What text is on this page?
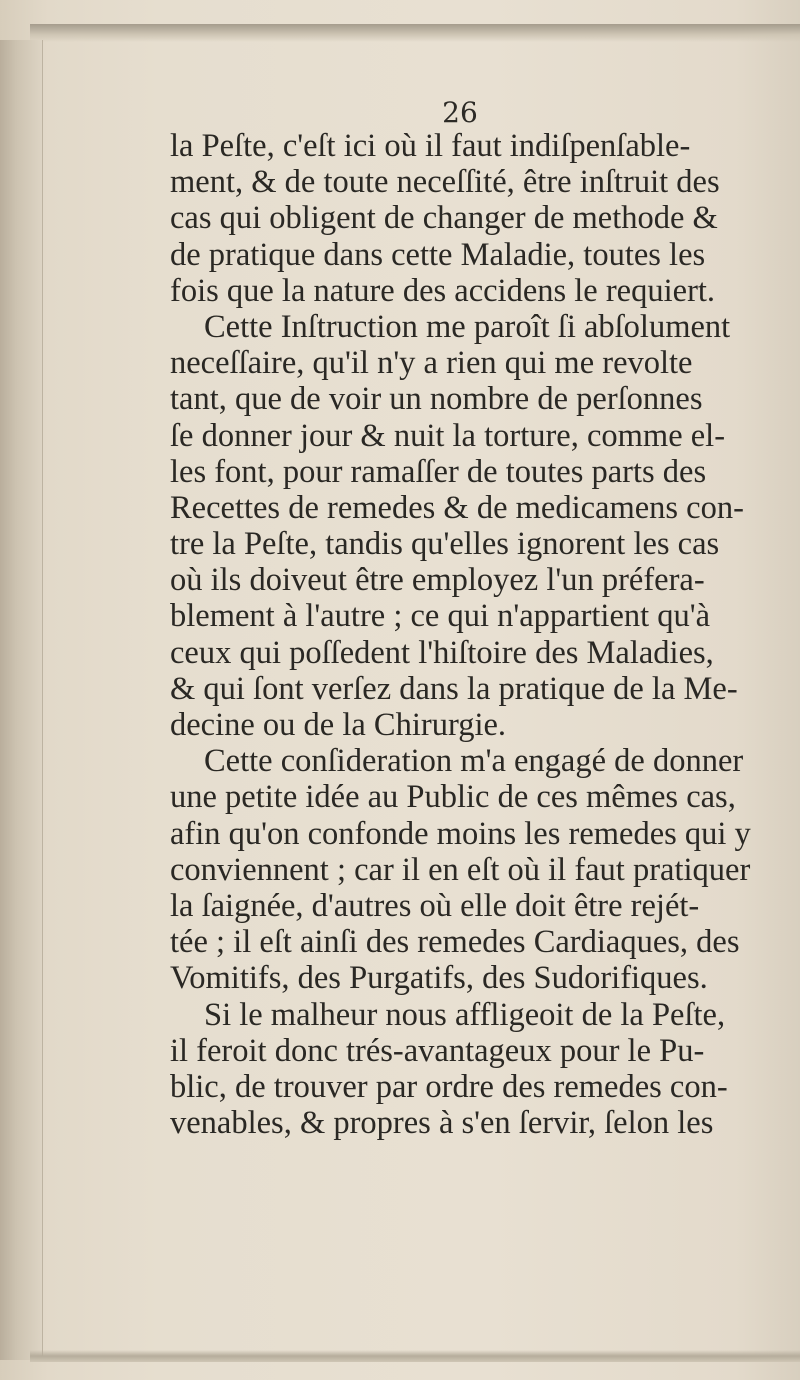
26
la Peſte, c'eſt ici où il faut indiſpenſable-
ment, & de toute neceſſité, être inſtruit des
cas qui obligent de changer de methode &
de pratique dans cette Maladie, toutes les
fois que la nature des accidens le requiert.
Cette Inſtruction me paroît ſi abſolument
neceſſaire, qu'il n'y a rien qui me revolte
tant, que de voir un nombre de perſonnes
ſe donner jour & nuit la torture, comme el-
les font, pour ramaſſer de toutes parts des
Recettes de remedes & de medicamens con-
tre la Peſte, tandis qu'elles ignorent les cas
où ils doiveut être employez l'un préfera-
blement à l'autre ; ce qui n'appartient qu'à
ceux qui poſſedent l'hiſtoire des Maladies,
& qui ſont verſez dans la pratique de la Me-
decine ou de la Chirurgie.
Cette conſideration m'a engagé de donner
une petite idée au Public de ces mêmes cas,
afin qu'on confonde moins les remedes qui y
conviennent ; car il en eſt où il faut pratiquer
la ſaignée, d'autres où elle doit être rejét-
tée ; il eſt ainſi des remedes Cardiaques, des
Vomitifs, des Purgatifs, des Sudorifiques.
Si le malheur nous affligeoit de la Peſte,
il feroit donc trés-avantageux pour le Pu-
blic, de trouver par ordre des remedes con-
venables, & propres à s'en ſervir, ſelon les
